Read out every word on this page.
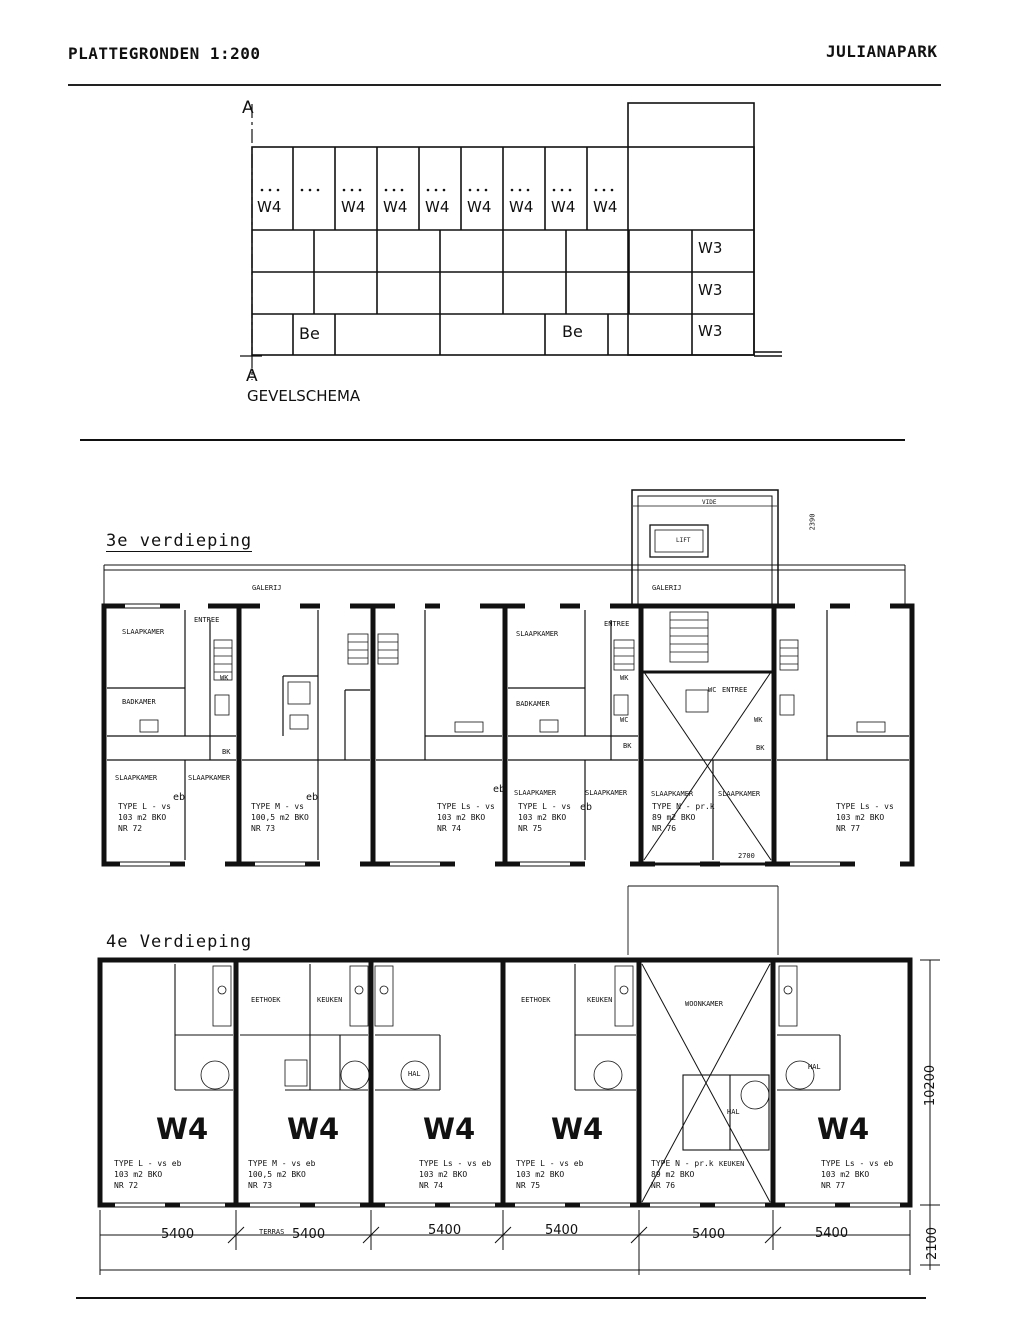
PLATTEGRONDEN 1:200	JULIANAPARK
A
A
GEVELSCHEMA
W4	W4 W4 W4 W4 W4 W4 W4
W3
W3
W3
Be	Be
3e verdieping
VIDE
LIFT
GALERIJ	GALERIJ
ENTREE	ENTREE
ENTREE
SLAAPKAMER	SLAAPKAMER
BADKAMER	BADKAMER
SLAAPKAMER	SLAAPKAMER
SLAAPKAMER	SLAAPKAMER	SLAAPKAMER	SLAAPKAMER
WK	WK
WK
WC
WC
BK
BK	BK
2700
2390
eb	eb
eb
eb
TYPE L - vs
103 m2 BKO
NR 72
TYPE M - vs
100,5 m2 BKO
NR 73
TYPE Ls - vs
103 m2 BKO
NR 74
TYPE L - vs
103 m2 BKO
NR 75
TYPE N - pr.k
89 m2 BKO
NR 76
TYPE Ls - vs
103 m2 BKO
NR 77
4e Verdieping
EETHOEK	KEUKEN	EETHOEK	KEUKEN	WOONKAMER
HAL
HAL
HAL
KEUKEN
TERRAS
W4	W4	W4	W4	W4
TYPE L - vs eb
103 m2 BKO
NR 72
TYPE M - vs eb
100,5 m2 BKO
NR 73
TYPE Ls - vs eb
103 m2 BKO
NR 74
TYPE L - vs eb
103 m2 BKO
NR 75
TYPE N - pr.k
89 m2 BKO
NR 76
TYPE Ls - vs eb
103 m2 BKO
NR 77
5400	5400	5400	5400	5400	5400
10200
2100
